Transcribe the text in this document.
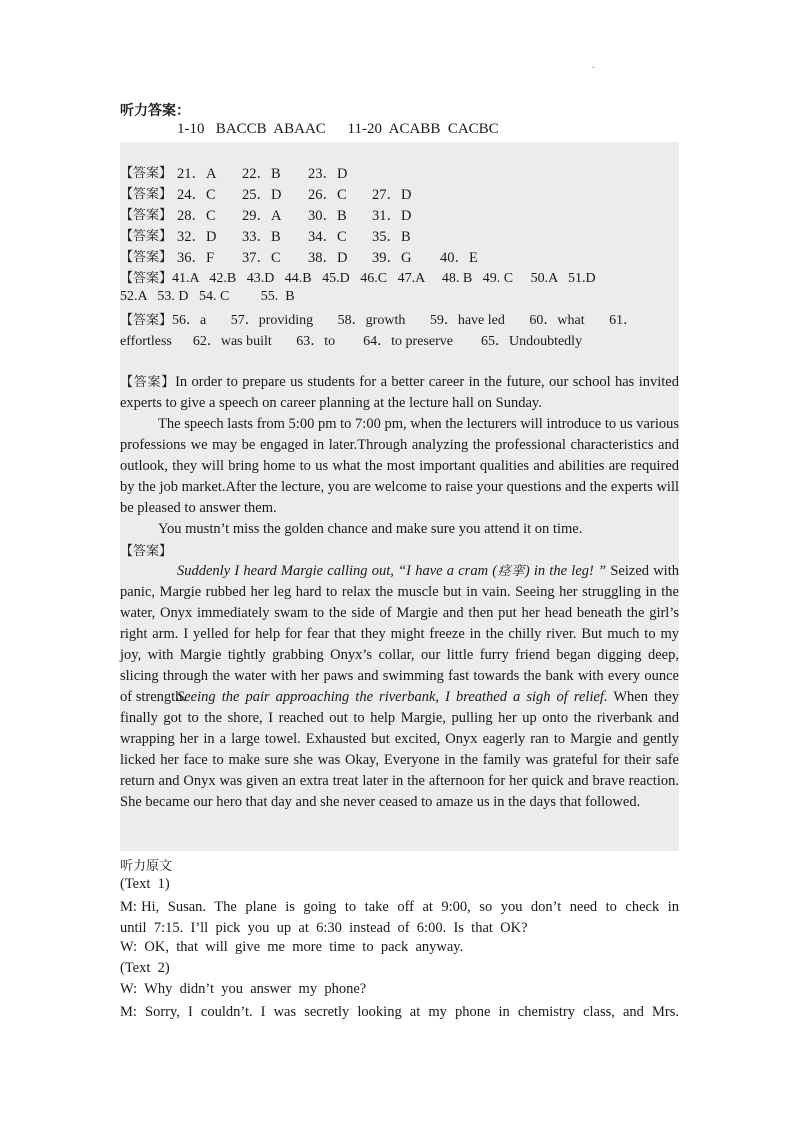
-
听力答案：
1-10   BACCB  ABAAC 11-20  ACABB  CACBC
【答案】 21．A 22．B 23．D
【答案】 24．C 25．D 26．C 27．D
【答案】 28．C 29．A 30．B 31．D
【答案】 32．D 33．B 34．C 35．B
【答案】 36．F 37．C 38．D 39．G 40．E
【答案】41.A   42.B   43.D   44.B   45.D   46.C   47.A     48. B   49. C     50.A   51.D
52.A   53. D   54. C         55.  B
【答案】56．a       57．providing       58．growth       59．have led       60．what       61．
effortless      62．was built       63．to        64．to preserve        65．Undoubtedly
【答案】In order to prepare us students for a better career in the future, our school has invited experts to give a speech on career planning at the lecture hall on Sunday.
The speech lasts from 5:00 pm to 7:00 pm, when the lecturers will introduce to us various professions we may be engaged in later.Through analyzing the professional characteristics and outlook, they will bring home to us what the most important qualities and abilities are required by the job market.After the lecture, you are welcome to raise your questions and the experts will be pleased to answer them.
You mustn’t miss the golden chance and make sure you attend it on time.
【答案】
Suddenly I heard Margie calling out, “I have a cram (痉挛) in the leg! ” Seized with panic, Margie rubbed her leg hard to relax the muscle but in vain. Seeing her struggling in the water, Onyx immediately swam to the side of Margie and then put her head beneath the girl’s right arm. I yelled for help for fear that they might freeze in the chilly river. But much to my joy, with Margie tightly grabbing Onyx’s collar, our little furry friend began digging deep, slicing through the water with her paws and swimming fast towards the bank with every ounce of strength.
Seeing the pair approaching the riverbank, I breathed a sigh of relief. When they finally got to the shore, I reached out to help Margie, pulling her up onto the riverbank and wrapping her in a large towel. Exhausted but excited, Onyx eagerly ran to Margie and gently licked her face to make sure she was Okay, Everyone in the family was grateful for their safe return and Onyx was given an extra treat later in the afternoon for her quick and brave reaction. She became our hero that day and she never ceased to amaze us in the days that followed.
听力原文
(Text  1)
M: Hi,  Susan.  The  plane  is  going  to  take  off  at  9:00,  so  you  don’t  need  to  check  in until  7:15.  I’ll  pick  you  up  at  6:30  instead  of  6:00.  Is  that  OK?
W:  OK,  that  will  give  me  more  time  to  pack  anyway.
(Text  2)
W:  Why  didn’t  you  answer  my  phone?
M:  Sorry,  I  couldn’t.  I  was  secretly  looking  at  my  phone  in  chemistry  class,  and  Mrs.
